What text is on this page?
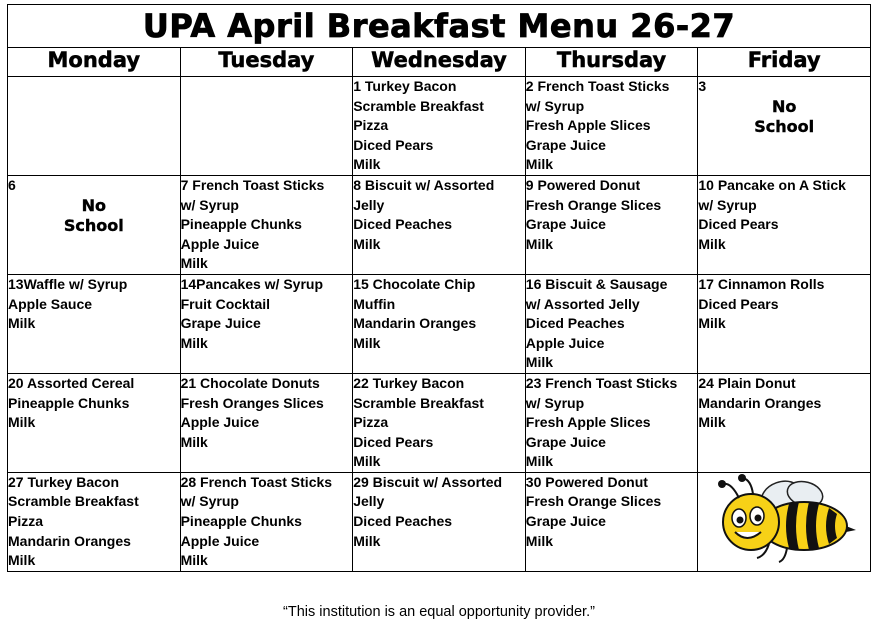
UPA April Breakfast Menu 26-27				

Monday	Tuesday	Wednesday	Thursday	Friday

		1 Turkey Bacon
Scramble Breakfast
Pizza
Diced Pears
Milk	2 French Toast Sticks
w/ Syrup
Fresh Apple Slices
Grape Juice
Milk	3
No
School

6
No
School	7 French Toast Sticks
w/ Syrup
Pineapple Chunks
Apple Juice
Milk	8 Biscuit w/ Assorted
Jelly
Diced Peaches
Milk	9 Powered Donut
Fresh Orange Slices
Grape Juice
Milk	10 Pancake on A Stick
w/ Syrup
Diced Pears
Milk

13Waffle w/ Syrup
Apple Sauce
Milk	14Pancakes w/ Syrup
Fruit Cocktail
Grape Juice
Milk	15 Chocolate Chip
Muffin
Mandarin Oranges
Milk	16 Biscuit & Sausage
w/ Assorted Jelly
Diced Peaches
Apple Juice
Milk	17 Cinnamon Rolls
Diced Pears
Milk

20 Assorted Cereal
Pineapple Chunks
Milk	21 Chocolate Donuts
Fresh Oranges Slices
Apple Juice
Milk	22 Turkey Bacon
Scramble Breakfast
Pizza
Diced Pears
Milk	23 French Toast Sticks
w/ Syrup
Fresh Apple Slices
Grape Juice
Milk	24 Plain Donut
Mandarin Oranges
Milk

27 Turkey Bacon
Scramble Breakfast
Pizza
Mandarin Oranges
Milk	28 French Toast Sticks
w/ Syrup
Pineapple Chunks
Apple Juice
Milk	29 Biscuit w/ Assorted
Jelly
Diced Peaches
Milk	30 Powered Donut
Fresh Orange Slices
Grape Juice
Milk

“This institution is an equal opportunity provider.”
